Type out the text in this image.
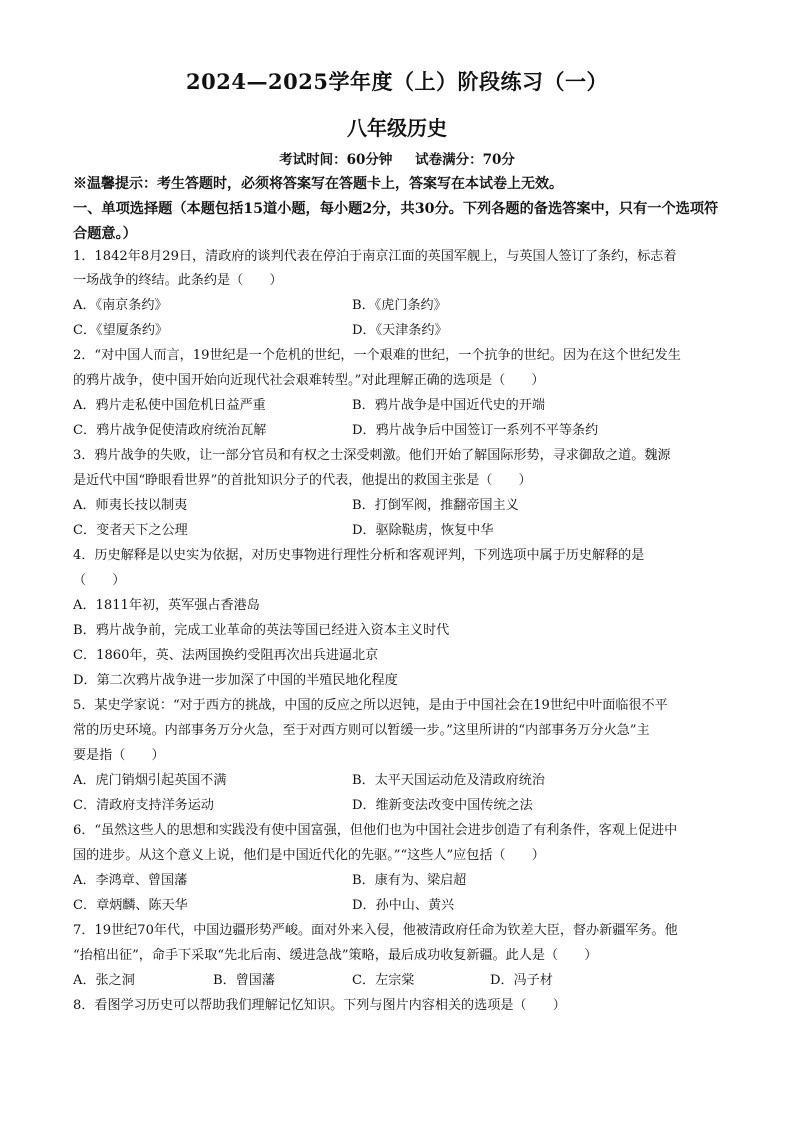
2024—2025学年度（上）阶段练习（一）
八年级历史
考试时间：60分钟 试卷满分：70分
※温馨提示：考生答题时，必须将答案写在答题卡上，答案写在本试卷上无效。
一、单项选择题（本题包括15道小题，每小题2分，共30分。下列各题的备选答案中，只有一个选项符合题意。）
1．1842年8月29日，清政府的谈判代表在停泊于南京江面的英国军舰上，与英国人签订了条约，标志着
一场战争的终结。此条约是（　　）
A．《南京条约》	B．《虎门条约》
C．《望厦条约》	D．《天津条约》
2．“对中国人而言，19世纪是一个危机的世纪，一个艰难的世纪，一个抗争的世纪。因为在这个世纪发生
的鸦片战争，使中国开始向近现代社会艰难转型。”对此理解正确的选项是（　　）
A．鸦片走私使中国危机日益严重	B．鸦片战争是中国近代史的开端
C．鸦片战争促使清政府统治瓦解	D．鸦片战争后中国签订一系列不平等条约
3．鸦片战争的失败，让一部分官员和有权之士深受刺激。他们开始了解国际形势，寻求御敌之道。魏源
是近代中国“睁眼看世界”的首批知识分子的代表，他提出的救国主张是（　　）
A．师夷长技以制夷	B．打倒军阀，推翻帝国主义
C．变者天下之公理	D．驱除鞑虏，恢复中华
4．历史解释是以史实为依据，对历史事物进行理性分析和客观评判，下列选项中属于历史解释的是
（　　）
A．1811年初，英军强占香港岛
B．鸦片战争前，完成工业革命的英法等国已经进入资本主义时代
C．1860年，英、法两国换约受阻再次出兵进逼北京
D．第二次鸦片战争进一步加深了中国的半殖民地化程度
5．某史学家说：“对于西方的挑战，中国的反应之所以迟钝，是由于中国社会在19世纪中叶面临很不平
常的历史环境。内部事务万分火急，至于对西方则可以暂缓一步。”这里所讲的“内部事务万分火急”主
要是指（　　）
A．虎门销烟引起英国不满	B．太平天国运动危及清政府统治
C．清政府支持洋务运动	D．维新变法改变中国传统之法
6．“虽然这些人的思想和实践没有使中国富强，但他们也为中国社会进步创造了有利条件，客观上促进中
国的进步。从这个意义上说，他们是中国近代化的先驱。”“这些人”应包括（　　）
A．李鸿章、曾国藩	B．康有为、梁启超
C．章炳麟、陈天华	D．孙中山、黄兴
7．19世纪70年代，中国边疆形势严峻。面对外来入侵，他被清政府任命为钦差大臣，督办新疆军务。他
“抬棺出征”，命手下采取“先北后南、缓进急战”策略，最后成功收复新疆。此人是（　　）
A．张之洞	B．曾国藩	C．左宗棠	D．冯子材
8．看图学习历史可以帮助我们理解记忆知识。下列与图片内容相关的选项是（　　）
